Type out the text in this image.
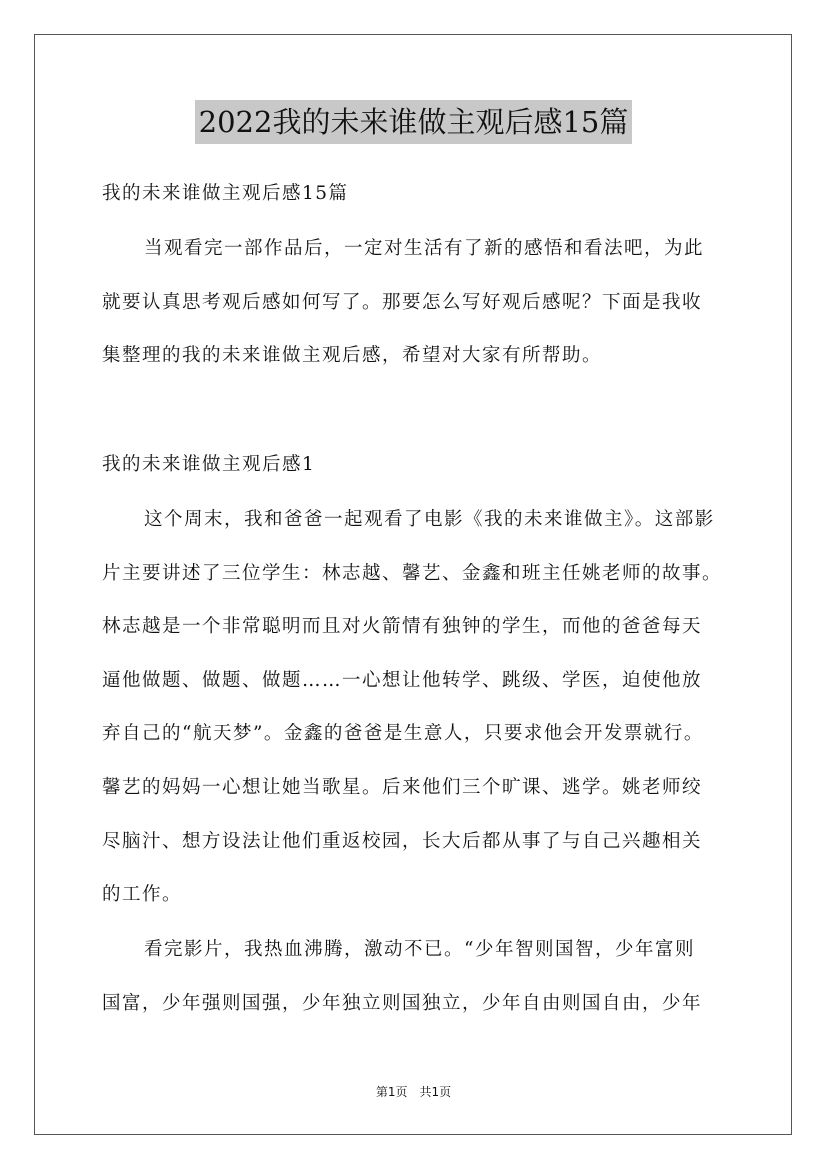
2022我的未来谁做主观后感15篇
我的未来谁做主观后感15篇
当观看完一部作品后，一定对生活有了新的感悟和看法吧，为此
就要认真思考观后感如何写了。那要怎么写好观后感呢？下面是我收
集整理的我的未来谁做主观后感，希望对大家有所帮助。
我的未来谁做主观后感1
这个周末，我和爸爸一起观看了电影《我的未来谁做主》。这部影
片主要讲述了三位学生：林志越、馨艺、金鑫和班主任姚老师的故事。
林志越是一个非常聪明而且对火箭情有独钟的学生，而他的爸爸每天
逼他做题、做题、做题……一心想让他转学、跳级、学医，迫使他放
弃自己的“航天梦”。金鑫的爸爸是生意人，只要求他会开发票就行。
馨艺的妈妈一心想让她当歌星。后来他们三个旷课、逃学。姚老师绞
尽脑汁、想方设法让他们重返校园，长大后都从事了与自己兴趣相关
的工作。
看完影片，我热血沸腾，激动不已。“少年智则国智，少年富则
国富，少年强则国强，少年独立则国独立，少年自由则国自由，少年
第1页　共1页
